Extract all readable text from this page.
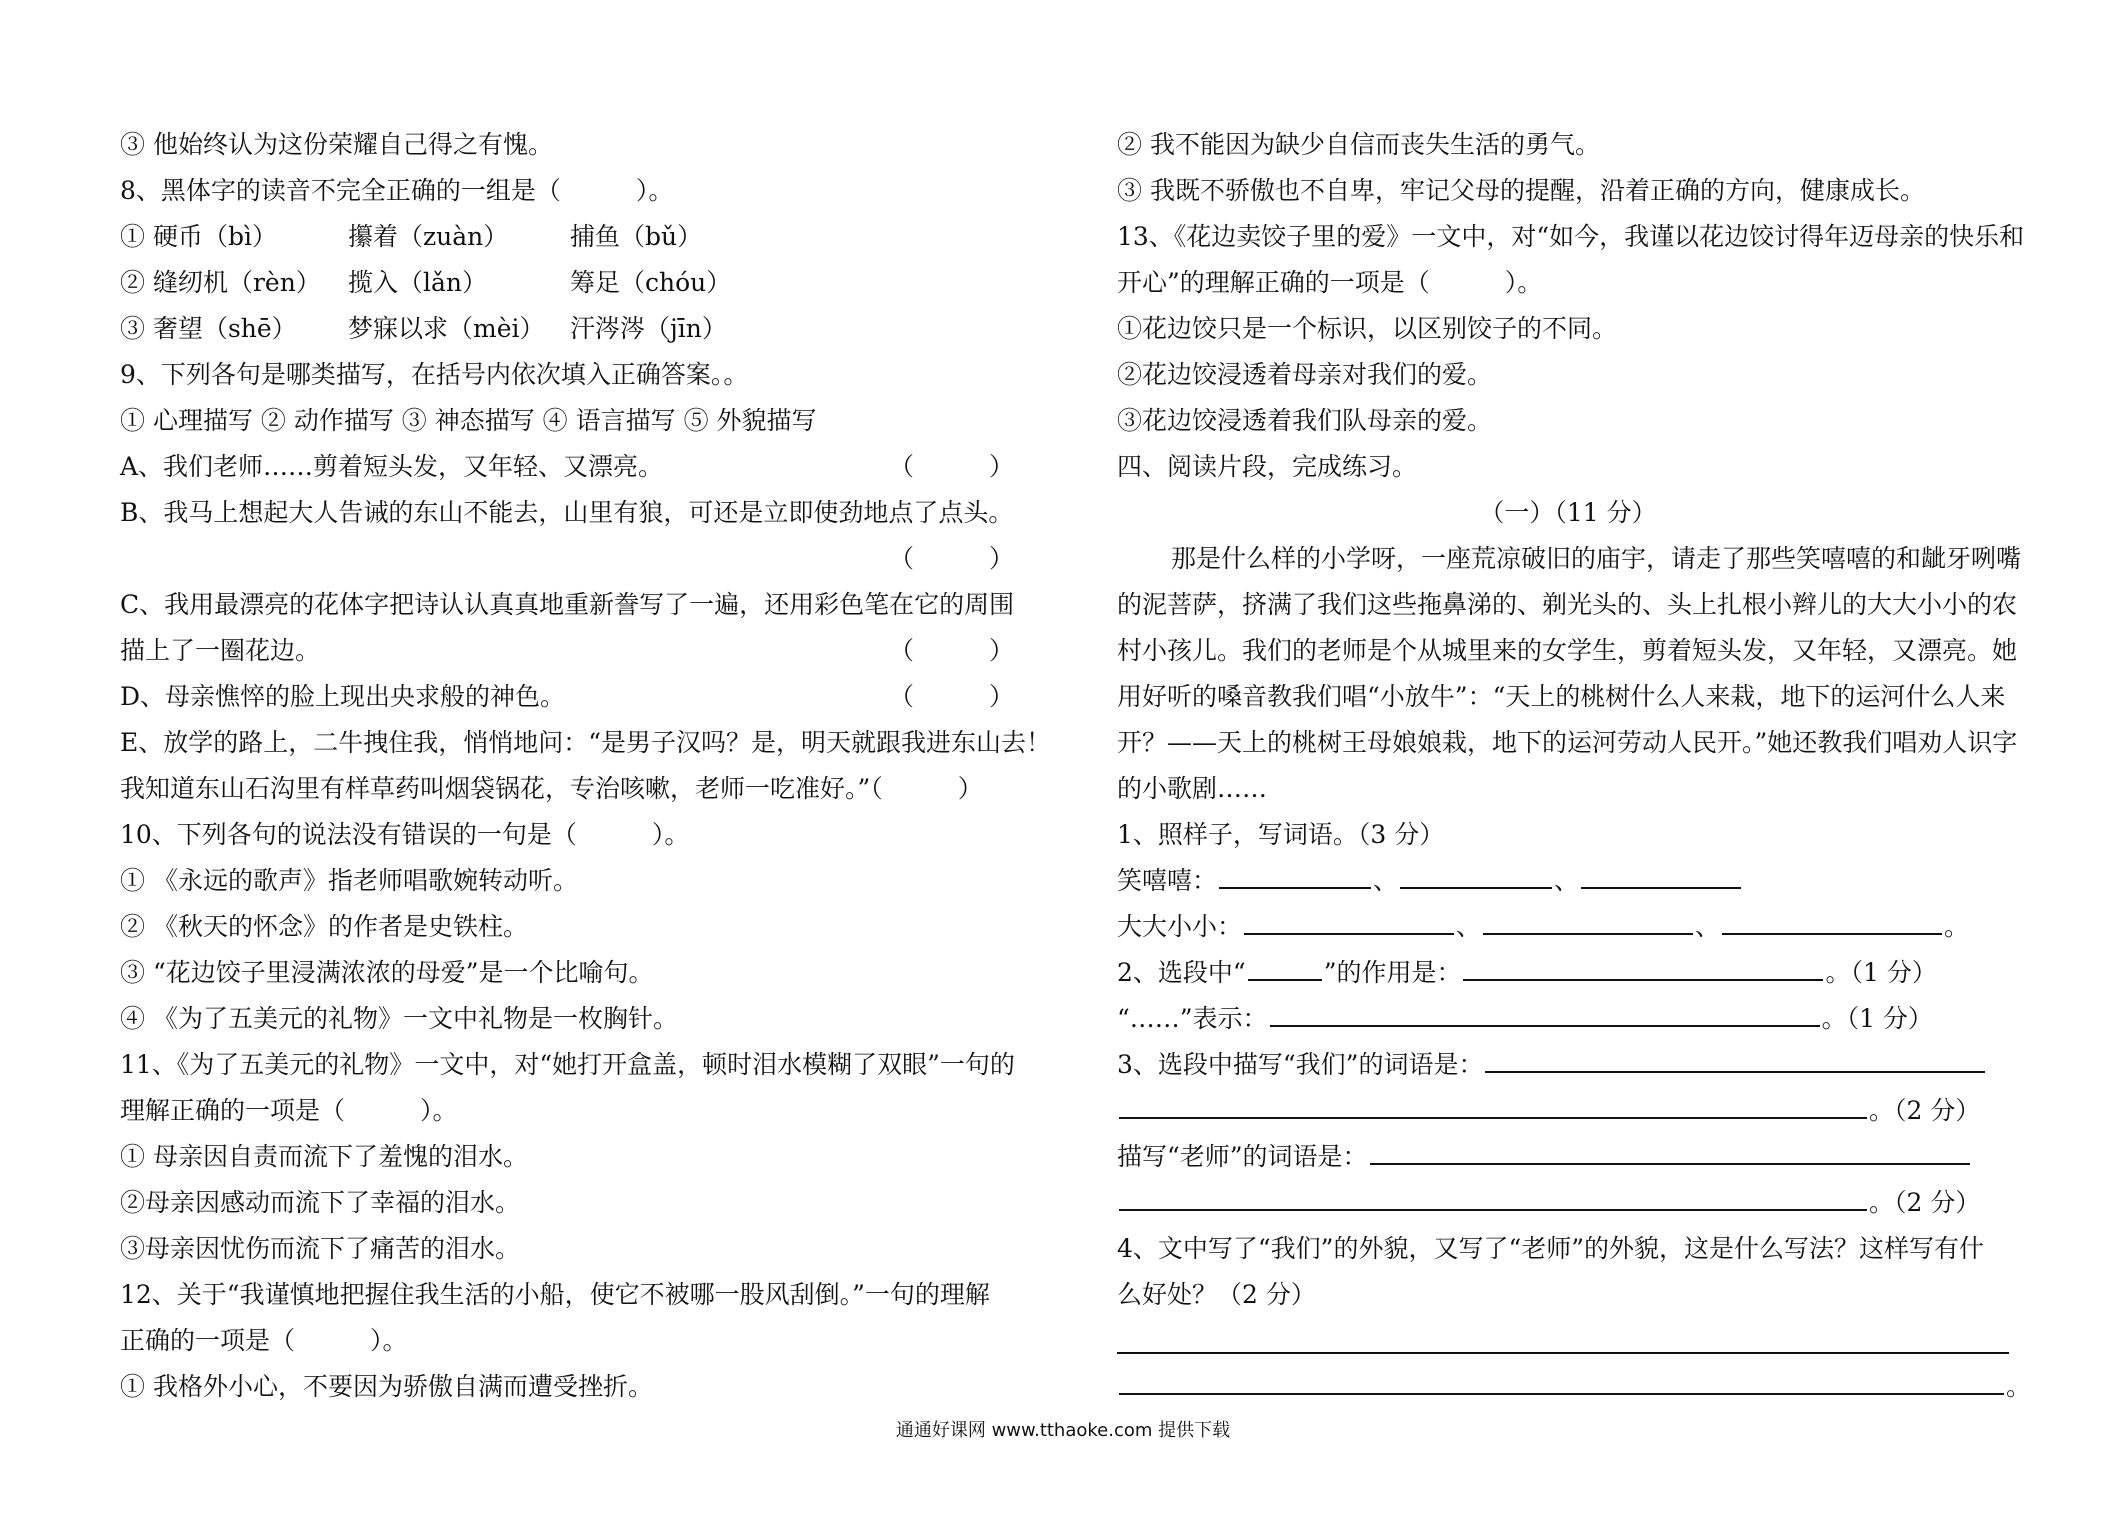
③ 他始终认为这份荣耀自己得之有愧。
8、黑体字的读音不完全正确的一组是（　　　）。
① 硬币（bì）	攥着（zuàn） 捕鱼（bǔ）
② 缝纫机（rèn） 揽入（lǎn）	筹足（chóu）
③ 奢望（shē） 梦寐以求（mèi） 汗涔涔（jīn）
9、下列各句是哪类描写，在括号内依次填入正确答案。。
① 心理描写 ② 动作描写 ③ 神态描写 ④ 语言描写 ⑤ 外貌描写
A、我们老师……剪着短头发，又年轻、又漂亮。	（　　　）
B、我马上想起大人告诫的东山不能去，山里有狼，可还是立即使劲地点了点头。
（　　　）
C、我用最漂亮的花体字把诗认认真真地重新誊写了一遍，还用彩色笔在它的周围
描上了一圈花边。	（　　　）
D、母亲憔悴的脸上现出央求般的神色。	（　　　）
E、放学的路上，二牛拽住我，悄悄地问：“是男子汉吗？是，明天就跟我进东山去！
我知道东山石沟里有样草药叫烟袋锅花，专治咳嗽，老师一吃准好。”（　　　）
10、下列各句的说法没有错误的一句是（　　　）。
① 《永远的歌声》指老师唱歌婉转动听。
② 《秋天的怀念》的作者是史铁柱。
③ “花边饺子里浸满浓浓的母爱”是一个比喻句。
④ 《为了五美元的礼物》一文中礼物是一枚胸针。
11、《为了五美元的礼物》一文中，对“她打开盒盖，顿时泪水模糊了双眼”一句的
理解正确的一项是（　　　）。
① 母亲因自责而流下了羞愧的泪水。
②母亲因感动而流下了幸福的泪水。
③母亲因忧伤而流下了痛苦的泪水。
12、关于“我谨慎地把握住我生活的小船，使它不被哪一股风刮倒。”一句的理解
正确的一项是（　　　）。
① 我格外小心，不要因为骄傲自满而遭受挫折。
② 我不能因为缺少自信而丧失生活的勇气。
③ 我既不骄傲也不自卑，牢记父母的提醒，沿着正确的方向，健康成长。
13、《花边卖饺子里的爱》一文中，对“如今，我谨以花边饺讨得年迈母亲的快乐和
开心”的理解正确的一项是（　　　）。
①花边饺只是一个标识，以区别饺子的不同。
②花边饺浸透着母亲对我们的爱。
③花边饺浸透着我们队母亲的爱。
四、阅读片段，完成练习。
（一）（11 分）
那是什么样的小学呀，一座荒凉破旧的庙宇，请走了那些笑嘻嘻的和龇牙咧嘴
的泥菩萨，挤满了我们这些拖鼻涕的、剃光头的、头上扎根小辫儿的大大小小的农
村小孩儿。我们的老师是个从城里来的女学生，剪着短头发，又年轻，又漂亮。她
用好听的嗓音教我们唱“小放牛”：“天上的桃树什么人来栽，地下的运河什么人来
开？——天上的桃树王母娘娘栽，地下的运河劳动人民开。”她还教我们唱劝人识字
的小歌剧……
1、照样子，写词语。（3 分）
笑嘻嘻：	、	、
大大小小：	、	、	。
2、选段中“	”的作用是：	。（1 分）
“……”表示：	。（1 分）
3、选段中描写“我们”的词语是：
。（2 分）
描写“老师”的词语是：
。（2 分）
4、文中写了“我们”的外貌，又写了“老师”的外貌，这是什么写法？这样写有什
么好处？（2 分）
。
通通好课网 www.tthaoke.com 提供下载
